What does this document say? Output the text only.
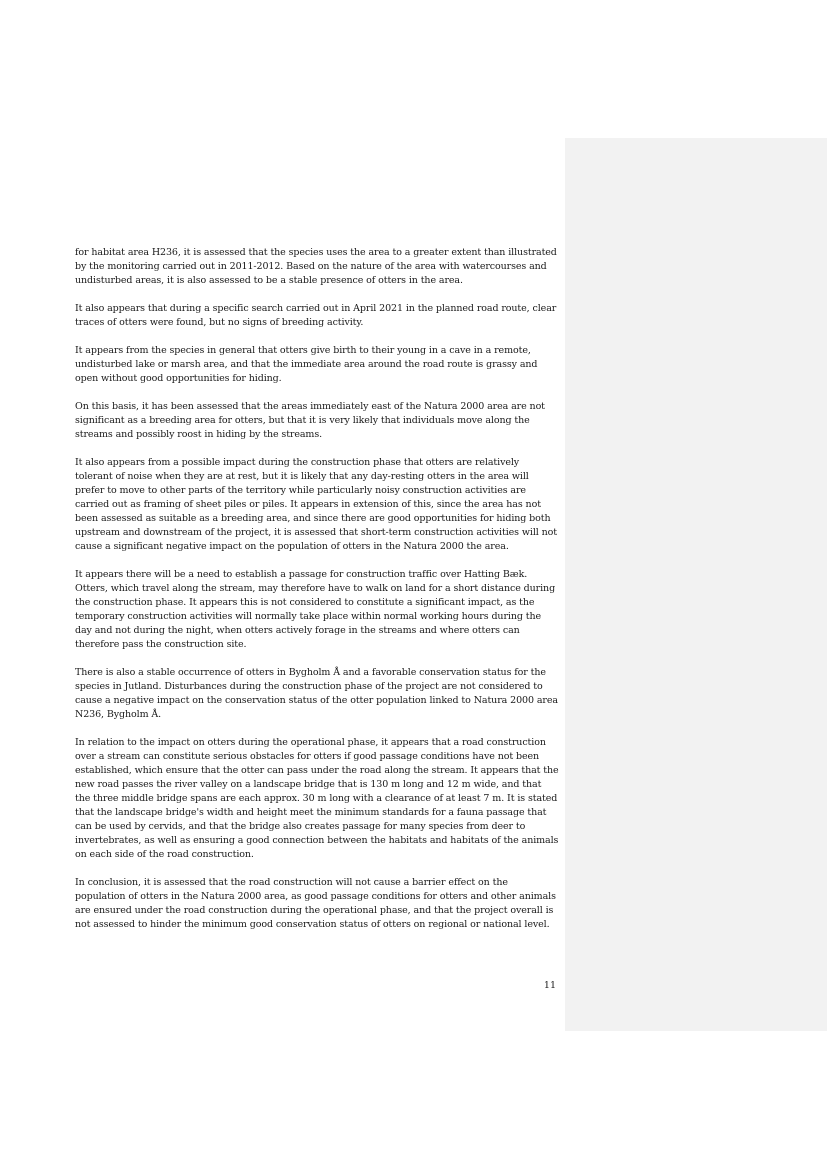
for habitat area H236, it is assessed that the species uses the area to a greater extent than illustrated by the monitoring carried out in 2011-2012. Based on the nature of the area with watercourses and undisturbed areas, it is also assessed to be a stable presence of otters in the area.

It also appears that during a specific search carried out in April 2021 in the planned road route, clear traces of otters were found, but no signs of breeding activity.

It appears from the species in general that otters give birth to their young in a cave in a remote, undisturbed lake or marsh area, and that the immediate area around the road route is grassy and open without good opportunities for hiding.

On this basis, it has been assessed that the areas immediately east of the Natura 2000 area are not significant as a breeding area for otters, but that it is very likely that individuals move along the streams and possibly roost in hiding by the streams.

It also appears from a possible impact during the construction phase that otters are relatively tolerant of noise when they are at rest, but it is likely that any day-resting otters in the area will prefer to move to other parts of the territory while particularly noisy construction activities are carried out as framing of sheet piles or piles. It appears in extension of this, since the area has not been assessed as suitable as a breeding area, and since there are good opportunities for hiding both upstream and downstream of the project, it is assessed that short-term construction activities will not cause a significant negative impact on the population of otters in the Natura 2000 the area.

It appears there will be a need to establish a passage for construction traffic over Hatting Bæk. Otters, which travel along the stream, may therefore have to walk on land for a short distance during the construction phase. It appears this is not considered to constitute a significant impact, as the temporary construction activities will normally take place within normal working hours during the day and not during the night, when otters actively forage in the streams and where otters can therefore pass the construction site.

There is also a stable occurrence of otters in Bygholm Å and a favorable conservation status for the species in Jutland. Disturbances during the construction phase of the project are not considered to cause a negative impact on the conservation status of the otter population linked to Natura 2000 area N236, Bygholm Å.

In relation to the impact on otters during the operational phase, it appears that a road construction over a stream can constitute serious obstacles for otters if good passage conditions have not been established, which ensure that the otter can pass under the road along the stream. It appears that the new road passes the river valley on a landscape bridge that is 130 m long and 12 m wide, and that the three middle bridge spans are each approx. 30 m long with a clearance of at least 7 m. It is stated that the landscape bridge's width and height meet the minimum standards for a fauna passage that can be used by cervids, and that the bridge also creates passage for many species from deer to invertebrates, as well as ensuring a good connection between the habitats and habitats of the animals on each side of the road construction.

In conclusion, it is assessed that the road construction will not cause a barrier effect on the population of otters in the Natura 2000 area, as good passage conditions for otters and other animals are ensured under the road construction during the operational phase, and that the project overall is not assessed to hinder the minimum good conservation status of otters on regional or national level.

11
